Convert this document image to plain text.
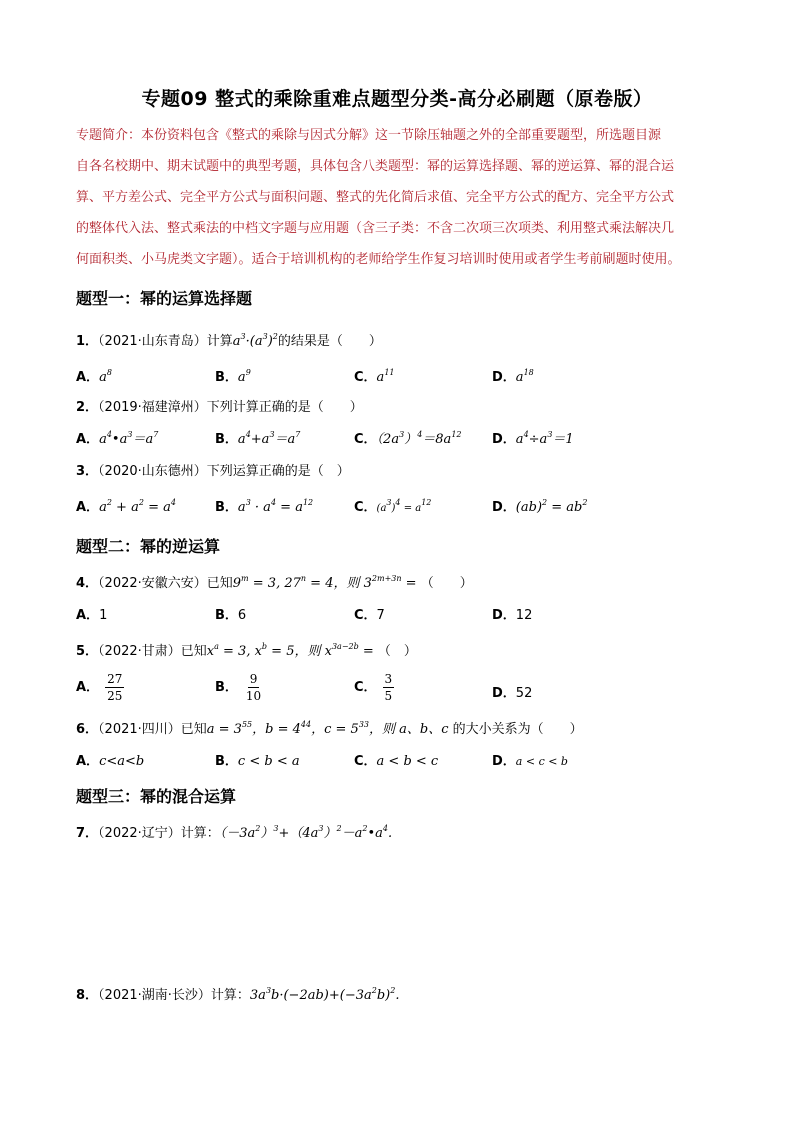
专题09 整式的乘除重难点题型分类-高分必刷题（原卷版）
专题简介：本份资料包含《整式的乘除与因式分解》这一节除压轴题之外的全部重要题型，所选题目源
自各名校期中、期末试题中的典型考题，具体包含八类题型：幂的运算选择题、幂的逆运算、幂的混合运
算、平方差公式、完全平方公式与面积问题、整式的先化简后求值、完全平方公式的配方、完全平方公式
的整体代入法、整式乘法的中档文字题与应用题（含三子类：不含二次项三次项类、利用整式乘法解决几
何面积类、小马虎类文字题）。适合于培训机构的老师给学生作复习培训时使用或者学生考前刷题时使用。
题型一：幂的运算选择题
1．（2021·山东青岛）计算$a^3\cdot(a^3)^2$的结果是（　　）
A．$a^8$	B．$a^9$	C．$a^{11}$	D．$a^{18}$
2．（2019·福建漳州）下列计算正确的是（　　）
A．$a^4•a^3=a^7$	B．$a^4+a^3=a^7$	C．$(2a^3)^4=8a^{12}$ D．$a^4\div a^3=1$
3．（2020·山东德州）下列运算正确的是（　）
A．$a^2 + a^2 = a^4$	B．$a^3 \cdot a^4 = a^{12}$	C．$(a^3)^4 = a^{12}$	D．$(ab)^2 = ab^2$
题型二：幂的逆运算
4．（2022·安徽六安）已知$9^m = 3$, $27^n = 4$，则 $3^{2m+3n}$ = （　　）
A．1	B．6	C．7	D．12
5．（2022·甘肃）已知$x^a = 3$, $x^b = 5$，则 $x^{3a-2b}$ = （　）
A． $\frac{27}{25}$	B． $\frac{9}{10}$	C． $\frac{3}{5}$	D．52
6．（2021·四川）已知$a = 3^{55}$，$b = 4^{44}$，$c = 5^{33}$，则 a、b、c 的大小关系为（　　）
A．c<a<b	B．c < b < a	C．a < b < c	D．a < c < b
题型三：幂的混合运算
7．（2022·辽宁）计算：$(-3a^2)^3+(4a^3)^2-a^2•a^4$.
8．（2021·湖南·长沙）计算：$3a^3b\cdot(-2ab)+(-3a^2b)^2$.
